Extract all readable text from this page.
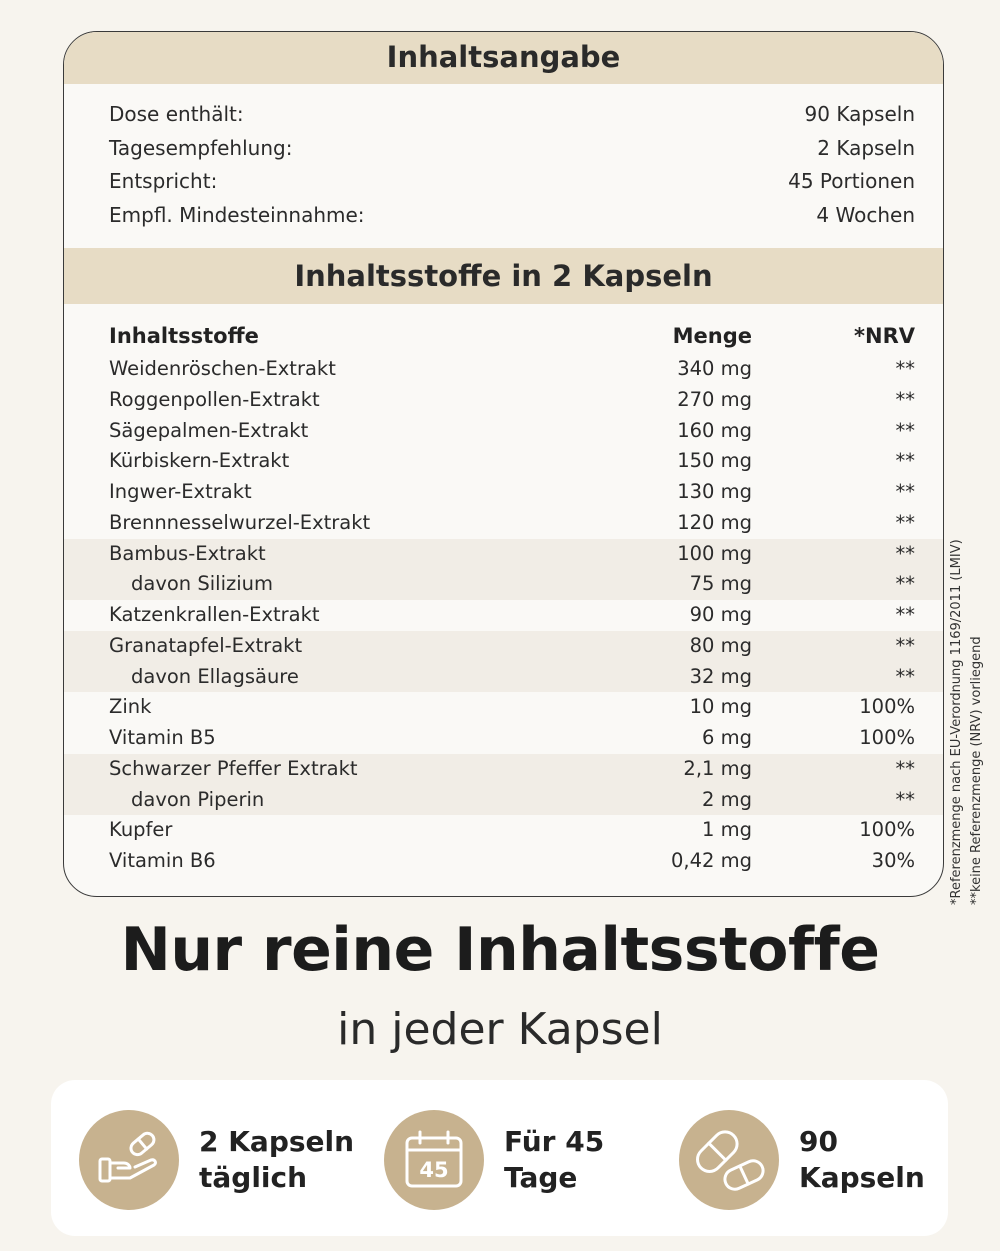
Inhaltsangabe
Dose enthält:	90 Kapseln
Tagesempfehlung:	2 Kapseln
Entspricht:	45 Portionen
Empfl. Mindesteinnahme:	4 Wochen
Inhaltsstoffe in 2 Kapseln
Inhaltsstoffe	Menge	*NRV
Weidenröschen-Extrakt	340 mg	**
Roggenpollen-Extrakt	270 mg	**
Sägepalmen-Extrakt	160 mg	**
Kürbiskern-Extrakt	150 mg	**
Ingwer-Extrakt	130 mg	**
Brennnesselwurzel-Extrakt	120 mg	**
Bambus-Extrakt	100 mg	**
davon Silizium	75 mg	**
Katzenkrallen-Extrakt	90 mg	**
Granatapfel-Extrakt	80 mg	**
davon Ellagsäure	32 mg	**
Zink	10 mg	100%
Vitamin B5	6 mg	100%
Schwarzer Pfeffer Extrakt	2,1 mg	**
davon Piperin	2 mg	**
Kupfer	1 mg	100%
Vitamin B6	0,42 mg	30%	*Referenzmenge nach EU-Verordnung 1169/2011 (LMIV) **keine Referenzmenge (NRV) vorliegend
Nur reine Inhaltsstoffe
in jeder Kapsel
2 Kapseln
täglich	45
Für 45
Tage
90
Kapseln
